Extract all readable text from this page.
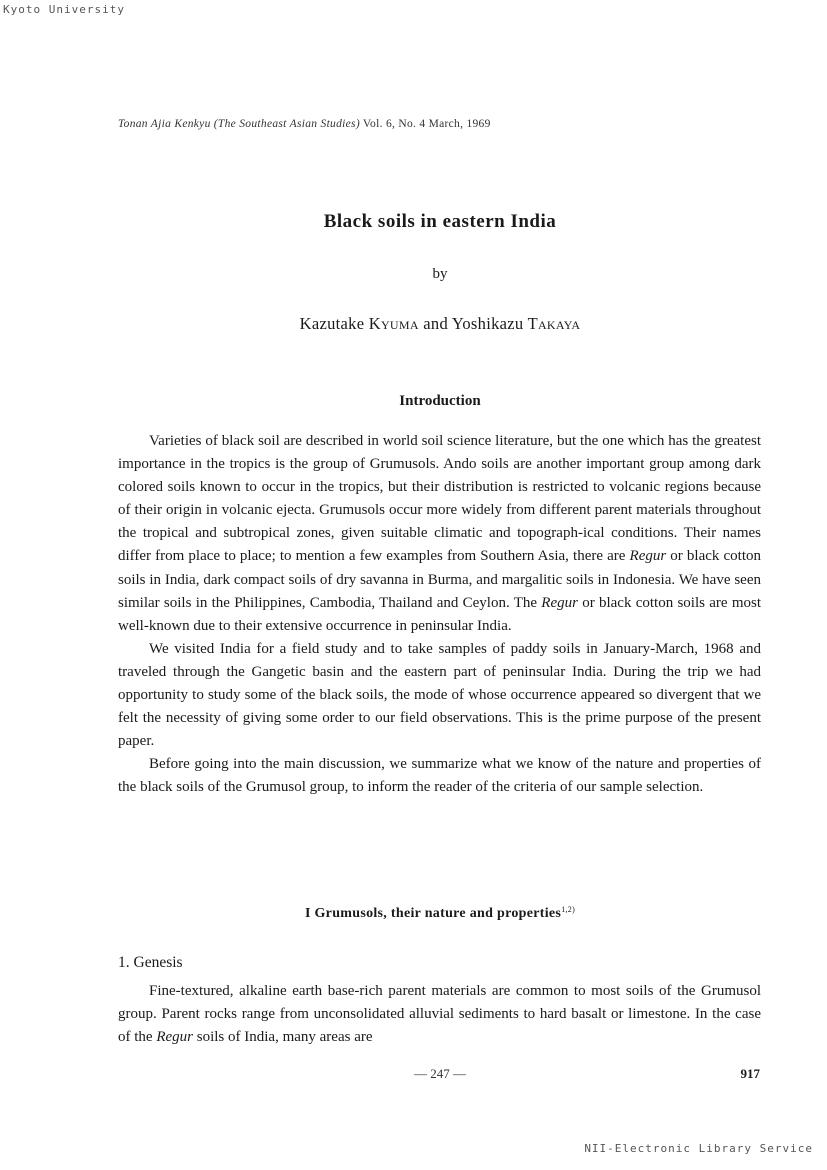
Kyoto University
Tonan Ajia Kenkyu (The Southeast Asian Studies) Vol. 6, No. 4 March, 1969
Black soils in eastern India
by
Kazutake Kyuma and Yoshikazu Takaya
Introduction

Varieties of black soil are described in world soil science literature, but the one which has the greatest importance in the tropics is the group of Grumusols. Ando soils are another important group among dark colored soils known to occur in the tropics, but their distribution is restricted to volcanic regions because of their origin in volcanic ejecta. Grumusols occur more widely from different parent materials throughout the tropical and subtropical zones, given suitable climatic and topograph-ical conditions. Their names differ from place to place; to mention a few examples from Southern Asia, there are Regur or black cotton soils in India, dark compact soils of dry savanna in Burma, and margalitic soils in Indonesia. We have seen similar soils in the Philippines, Cambodia, Thailand and Ceylon. The Regur or black cotton soils are most well-known due to their extensive occurrence in peninsular India.

We visited India for a field study and to take samples of paddy soils in January-March, 1968 and traveled through the Gangetic basin and the eastern part of peninsular India. During the trip we had opportunity to study some of the black soils, the mode of whose occurrence appeared so divergent that we felt the necessity of giving some order to our field observations. This is the prime purpose of the present paper.

Before going into the main discussion, we summarize what we know of the nature and properties of the black soils of the Grumusol group, to inform the reader of the criteria of our sample selection.

I Grumusols, their nature and properties$^{1,2)}$
1. Genesis

Fine-textured, alkaline earth base-rich parent materials are common to most soils of the Grumusol group. Parent rocks range from unconsolidated alluvial sediments to hard basalt or limestone. In the case of the Regur soils of India, many areas are

— 247 —	917
NII-Electronic Library Service
